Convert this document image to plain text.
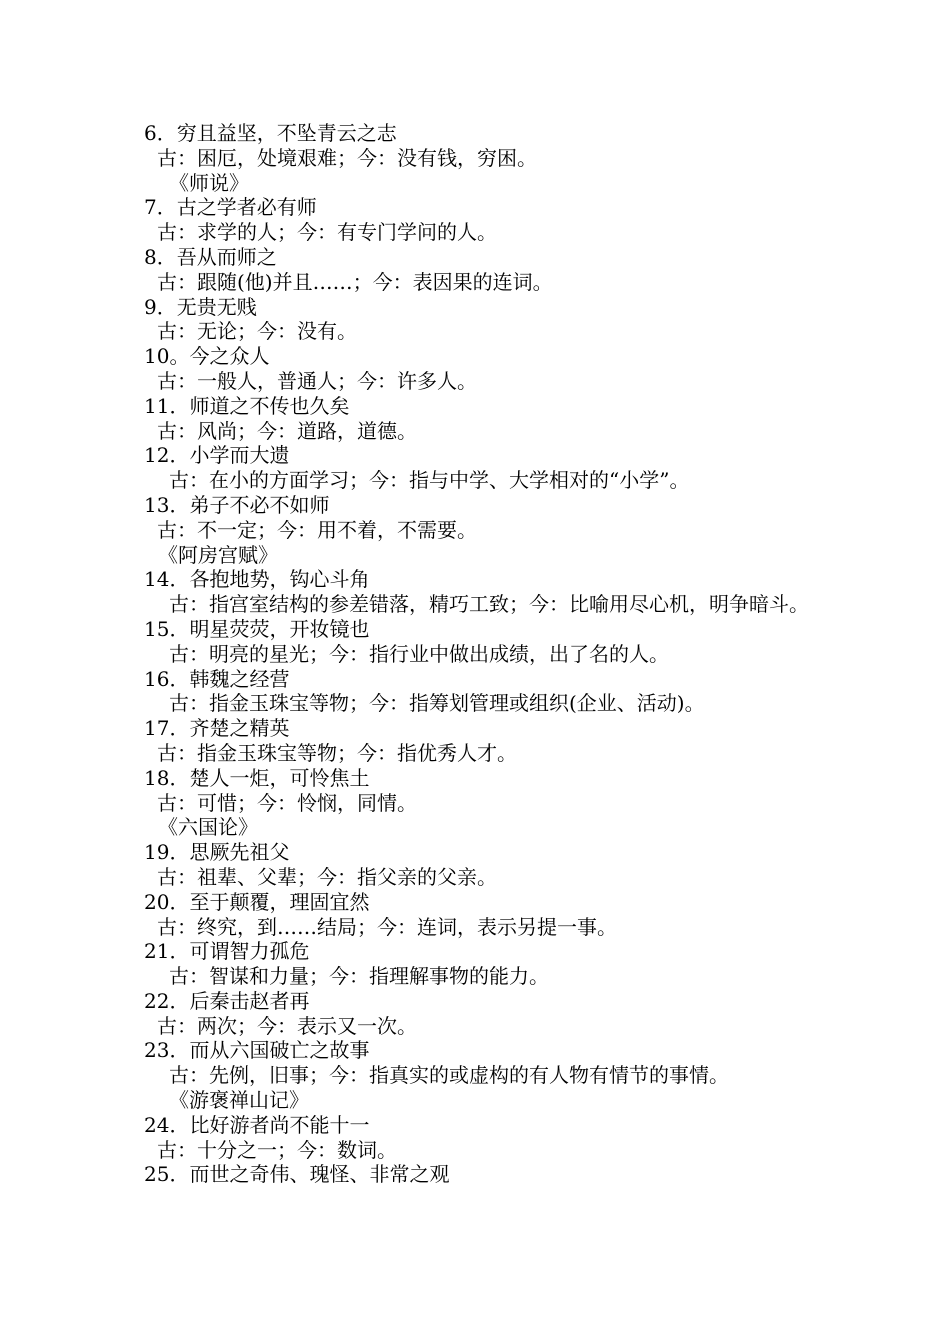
6．穷且益坚，不坠青云之志
古：困厄，处境艰难；今：没有钱，穷困。
《师说》
7．古之学者必有师
古：求学的人；今：有专门学问的人。
8．吾从而师之
古：跟随(他)并且……；今：表因果的连词。
9．无贵无贱
古：无论；今：没有。
10。今之众人
古：一般人，普通人；今：许多人。
11．师道之不传也久矣
古：风尚；今：道路，道德。
12．小学而大遗
古：在小的方面学习；今：指与中学、大学相对的“小学”。
13．弟子不必不如师
古：不一定；今：用不着，不需要。
《阿房宫赋》
14．各抱地势，钩心斗角
古：指宫室结构的参差错落，精巧工致；今：比喻用尽心机，明争暗斗。
15．明星荧荧，开妆镜也
古：明亮的星光；今：指行业中做出成绩，出了名的人。
16．韩魏之经营
古：指金玉珠宝等物；今：指筹划管理或组织(企业、活动)。
17．齐楚之精英
古：指金玉珠宝等物；今：指优秀人才。
18．楚人一炬，可怜焦土
古：可惜；今：怜悯，同情。
《六国论》
19．思厥先祖父
古：祖辈、父辈；今：指父亲的父亲。
20．至于颠覆，理固宜然
古：终究，到……结局；今：连词，表示另提一事。
21．可谓智力孤危
古：智谋和力量；今：指理解事物的能力。
22．后秦击赵者再
古：两次；今：表示又一次。
23．而从六国破亡之故事
古：先例，旧事；今：指真实的或虚构的有人物有情节的事情。
《游褒禅山记》
24．比好游者尚不能十一
古：十分之一；今：数词。
25．而世之奇伟、瑰怪、非常之观
